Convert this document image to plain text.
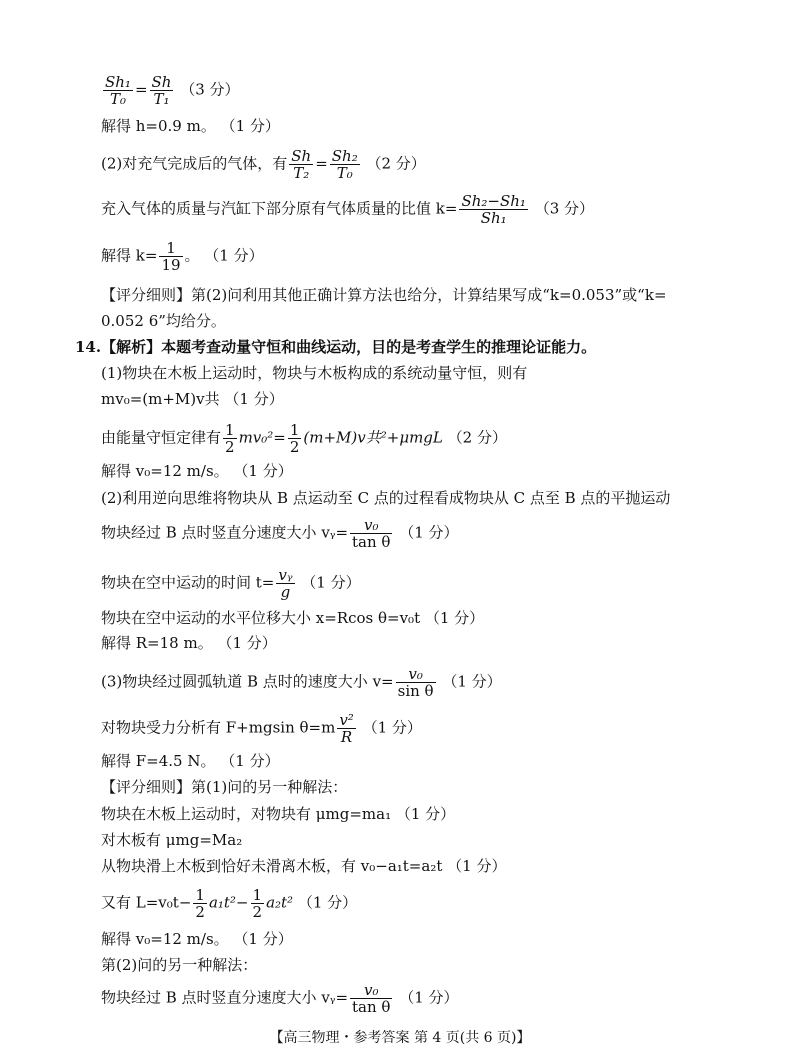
$\frac{\text{Sh₁}}{\text{T₀}} = \frac{Sh}{\text{T₁}} (3$ 分）
解得 h=0.9 m。 （1 分）
(2)对充气完成后的气体，有 $\frac{Sh}{\text{T₂}} = \frac{\text{Sh₂}}{\text{T₀}} (2$ 分）
充入气体的质量与汽缸下部分原有气体质量的比值 $k= \frac{\text{Sh₂−Sh₁}}{\text{Sh₁}} (3$ 分）
解得 $k= \frac{1}{19}$ 。 （1 分）
【评分细则】第(2)问利用其他正确计算方法也给分，计算结果写成“k=0.053”或“k=
0.052 6”均给分。
14.【解析】本题考查动量守恒和曲线运动，目的是考查学生的推理论证能力。
(1)物块在木板上运动时，物块与木板构成的系统动量守恒，则有
mv₀=(m+M)v共 （1 分）
由能量守恒定律有 $\frac{1}{2} mv_0^2= \frac{1}{2} (m+M)v$共²+μmgL （2 分）
解得 v₀=12 m/s。 （1 分）
(2)利用逆向思维将物块从 B 点运动至 C 点的过程看成物块从 C 点至 B 点的平抛运动
物块经过 B 点时竖直分速度大小 vᵧ= $\frac{\text{v₀}}{\text{tan θ}} (1$ 分）
物块在空中运动的时间 $t= \frac{\text{vᵧ}}{g} (1$ 分）
物块在空中运动的水平位移大小 x=Rcos θ=v₀t （1 分）
解得 R=18 m。 （1 分）
(3)物块经过圆弧轨道 B 点时的速度大小 $v= \frac{\text{v₀}}{\text{sin θ}} (1$ 分）
对物块受力分析有 F+mgsin $\theta=m \frac{\text{v²}}{R} (1$ 分）
解得 F=4.5 N。 （1 分）
【评分细则】第(1)问的另一种解法：
物块在木板上运动时，对物块有 μmg=ma₁ （1 分）
对木板有 μmg=Ma₂
从物块滑上木板到恰好未滑离木板，有 v₀−a₁t=a₂t （1 分）
又有 $L=v_0t- \frac{1}{2} a_1t^2- \frac{1}{2} a_2t^2$ （1 分）
解得 v₀=12 m/s。 （1 分）
第(2)问的另一种解法：
物块经过 B 点时竖直分速度大小 vᵧ= $\frac{\text{v₀}}{\text{tan θ}} (1$ 分）
【高三物理・参考答案 第 4 页(共 6 页)】
